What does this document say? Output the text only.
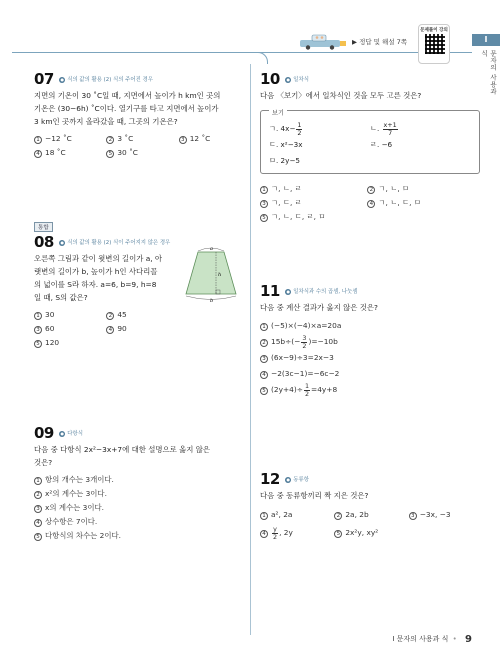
▶ 정답 및 해설 7쪽
문제풀이 강의
I
문자의 사용과 식
07 ● 식의 값의 활용 (2) 식의 주어진 경우
지면의 기온이 30 ˚C일 때, 지면에서 높이가 h km인 곳의
기온은 (30−6h) ˚C이다. 열기구를 타고 지면에서 높이가
3 km인 곳까지 올라갔을 때, 그곳의 기온은?
1 −12 ˚C	2 3 ˚C	3 12 ˚C
4 18 ˚C	5 30 ˚C
통합
08 ● 식의 값의 활용 (2) 식이 주어지지 않은 경우
오른쪽 그림과 같이 윗변의 길이가 a, 아
랫변의 길이가 b, 높이가 h인 사다리꼴
의 넓이를 S라 하자. a=6, b=9, h=8
일 때, S의 값은?
1 30	2 45
3 60	4 90
5 120
a
h
b
09 ● 다항식
다음 중 다항식 2x²−3x+7에 대한 설명으로 옳지 않은
것은?
1 항의 개수는 3개이다.
2 x²의 계수는 3이다.
3 x의 계수는 3이다.
4 상수항은 7이다.
5 다항식의 차수는 2이다.
10 ● 일차식
다음 〈보기〉에서 일차식인 것을 모두 고른 것은?
보기
ㄱ. $4x- \frac{1}{2}$	ㄴ. $\frac{x+1}{7}$
ㄷ. x²−3x	ㄹ. −6
ㅁ. 2y−5
1 ㄱ, ㄴ, ㄹ	2 ㄱ, ㄴ, ㅁ
3 ㄱ, ㄷ, ㄹ	4 ㄱ, ㄴ, ㄷ, ㅁ
5 ㄱ, ㄴ, ㄷ, ㄹ, ㅁ
11 ● 일차식과 수의 곱셈, 나눗셈
다음 중 계산 결과가 옳지 않은 것은?
1 (−5)×(−4)×a=20a
2 $15b\div(- \frac{3}{2} )=-10b$
3 (6x−9)÷3=2x−3
4 −2(3c−1)=−6c−2
5 $(2y+4)\div \frac{1}{2} =4y+8$
12 ● 동류항
다음 중 동류항끼리 짝 지은 것은?
1 a², 2a	2 2a, 2b	3 −3x, −3
$4 \frac{y}{2}$ , 2y	5 2x²y, xy²
I 문자의 사용과 식 • 9
